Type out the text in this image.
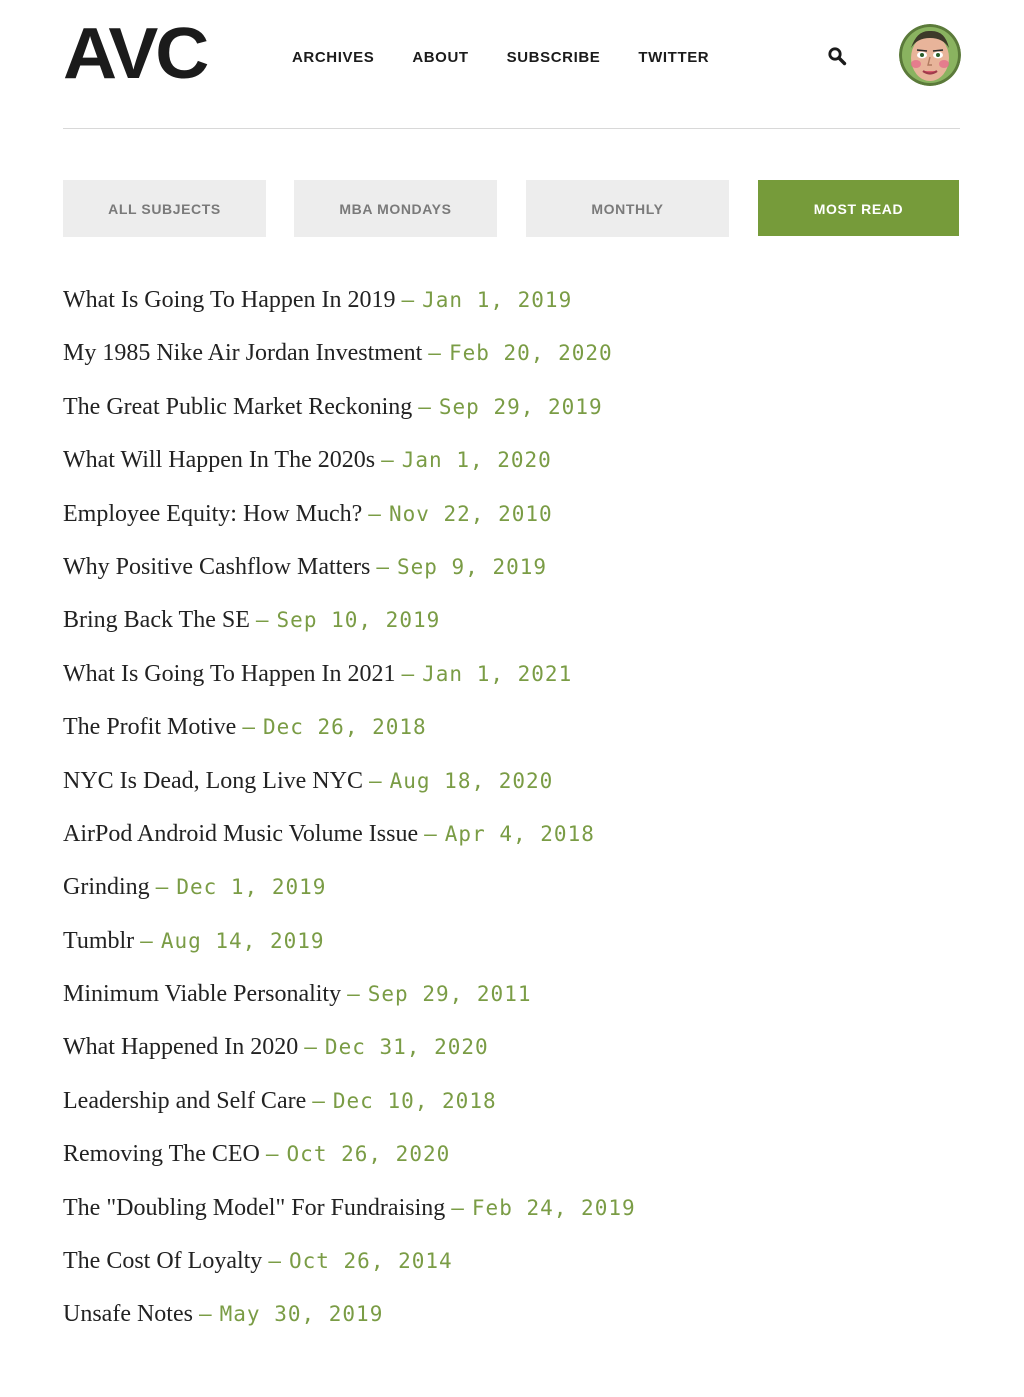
AVC	ARCHIVES	ABOUT	SUBSCRIBE	TWITTER
ALL SUBJECTS	MBA MONDAYS	MONTHLY	MOST READ
What Is Going To Happen In 2019 – Jan 1, 2019
My 1985 Nike Air Jordan Investment – Feb 20, 2020
The Great Public Market Reckoning – Sep 29, 2019
What Will Happen In The 2020s – Jan 1, 2020
Employee Equity: How Much? – Nov 22, 2010
Why Positive Cashflow Matters – Sep 9, 2019
Bring Back The SE – Sep 10, 2019
What Is Going To Happen In 2021 – Jan 1, 2021
The Profit Motive – Dec 26, 2018
NYC Is Dead, Long Live NYC – Aug 18, 2020
AirPod Android Music Volume Issue – Apr 4, 2018
Grinding – Dec 1, 2019
Tumblr – Aug 14, 2019
Minimum Viable Personality – Sep 29, 2011
What Happened In 2020 – Dec 31, 2020
Leadership and Self Care – Dec 10, 2018
Removing The CEO – Oct 26, 2020
The "Doubling Model" For Fundraising – Feb 24, 2019
The Cost Of Loyalty – Oct 26, 2014
Unsafe Notes – May 30, 2019
